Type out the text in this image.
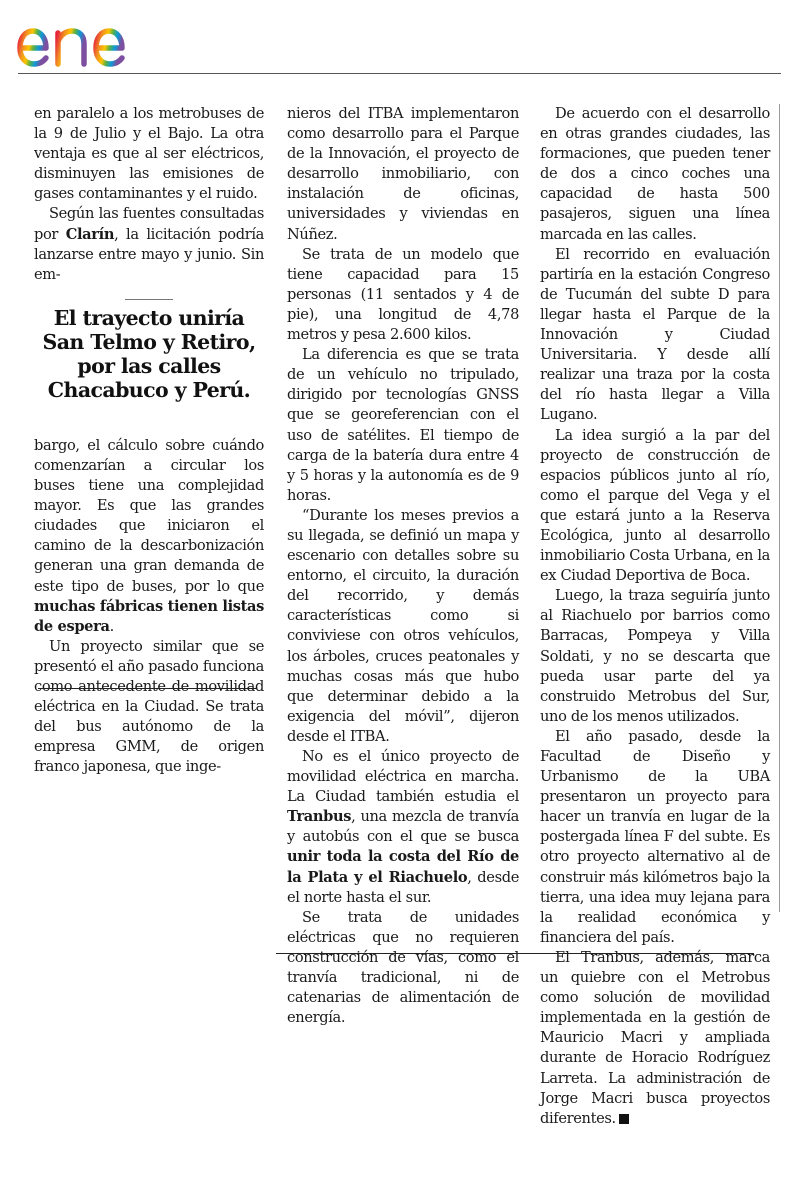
en paralelo a los metrobuses de la 9 de Julio y el Bajo. La otra ventaja es que al ser eléctricos, disminuyen las emisiones de gases contaminantes y el ruido.

Según las fuentes consultadas por Clarín, la licitación podría lanzarse entre mayo y junio. Sin em-

El trayecto uniría San Telmo y Retiro, por las calles Chacabuco y Perú.

bargo, el cálculo sobre cuándo comenzarían a circular los buses tiene una complejidad mayor. Es que las grandes ciudades que iniciaron el camino de la descarbonización generan una gran demanda de este tipo de buses, por lo que muchas fábricas tienen listas de espera.

Un proyecto similar que se presentó el año pasado funciona como antecedente de movilidad eléctrica en la Ciudad. Se trata del bus autónomo de la empresa GMM, de origen franco japonesa, que inge-

nieros del ITBA implementaron como desarrollo para el Parque de la Innovación, el proyecto de desarrollo inmobiliario, con instalación de oficinas, universidades y viviendas en Núñez.

Se trata de un modelo que tiene capacidad para 15 personas (11 sentados y 4 de pie), una longitud de 4,78 metros y pesa 2.600 kilos.

La diferencia es que se trata de un vehículo no tripulado, dirigido por tecnologías GNSS que se georeferencian con el uso de satélites. El tiempo de carga de la batería dura entre 4 y 5 horas y la autonomía es de 9 horas.

“Durante los meses previos a su llegada, se definió un mapa y escenario con detalles sobre su entorno, el circuito, la duración del recorrido, y demás características como si conviviese con otros vehículos, los árboles, cruces peatonales y muchas cosas más que hubo que determinar debido a la exigencia del móvil”, dijeron desde el ITBA.

No es el único proyecto de movilidad eléctrica en marcha. La Ciudad también estudia el Tranbus, una mezcla de tranvía y autobús con el que se busca unir toda la costa del Río de la Plata y el Riachuelo, desde el norte hasta el sur.

Se trata de unidades eléctricas que no requieren construcción de vías, como el tranvía tradicional, ni de catenarias de alimentación de energía.

De acuerdo con el desarrollo en otras grandes ciudades, las formaciones, que pueden tener de dos a cinco coches una capacidad de hasta 500 pasajeros, siguen una línea marcada en las calles.

El recorrido en evaluación partiría en la estación Congreso de Tucumán del subte D para llegar hasta el Parque de la Innovación y Ciudad Universitaria. Y desde allí realizar una traza por la costa del río hasta llegar a Villa Lugano.

La idea surgió a la par del proyecto de construcción de espacios públicos junto al río, como el parque del Vega y el que estará junto a la Reserva Ecológica, junto al desarrollo inmobiliario Costa Urbana, en la ex Ciudad Deportiva de Boca.

Luego, la traza seguiría junto al Riachuelo por barrios como Barracas, Pompeya y Villa Soldati, y no se descarta que pueda usar parte del ya construido Metrobus del Sur, uno de los menos utilizados.

El año pasado, desde la Facultad de Diseño y Urbanismo de la UBA presentaron un proyecto para hacer un tranvía en lugar de la postergada línea F del subte. Es otro proyecto alternativo al de construir más kilómetros bajo la tierra, una idea muy lejana para la realidad económica y financiera del país.

El Tranbus, además, marca un quiebre con el Metrobus como solución de movilidad implementada en la gestión de Mauricio Macri y ampliada durante de Horacio Rodríguez Larreta. La administración de Jorge Macri busca proyectos diferentes.
